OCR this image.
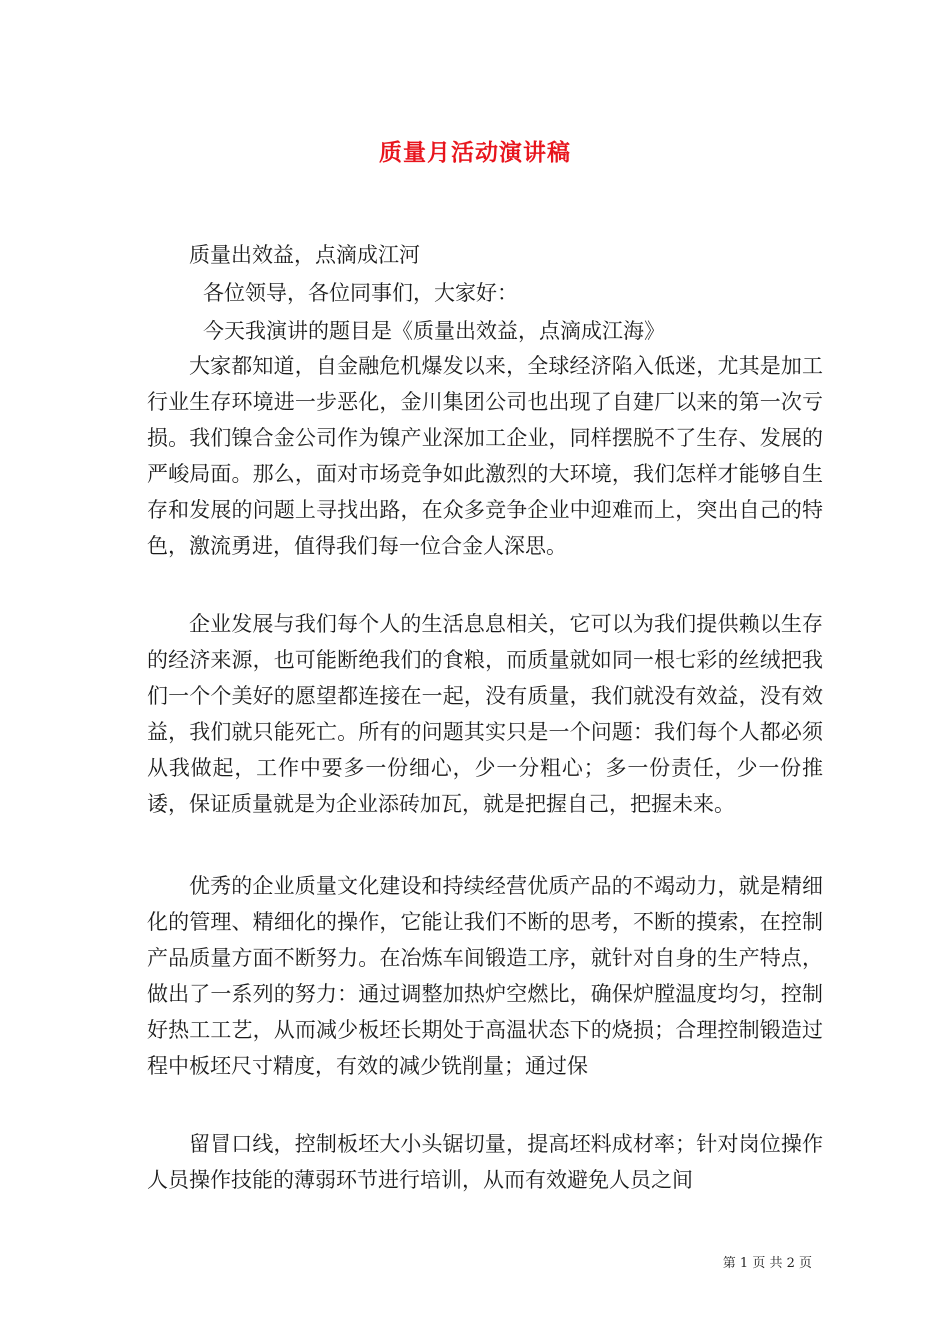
质量月活动演讲稿

质量出效益，点滴成江河

各位领导，各位同事们，大家好：

今天我演讲的题目是《质量出效益，点滴成江海》

大家都知道，自金融危机爆发以来，全球经济陷入低迷，尤其是加工行业生存环境进一步恶化，金川集团公司也出现了自建厂以来的第一次亏损。我们镍合金公司作为镍产业深加工企业，同样摆脱不了生存、发展的严峻局面。那么，面对市场竞争如此激烈的大环境，我们怎样才能够自生存和发展的问题上寻找出路，在众多竞争企业中迎难而上，突出自己的特色，激流勇进，值得我们每一位合金人深思。

企业发展与我们每个人的生活息息相关，它可以为我们提供赖以生存的经济来源，也可能断绝我们的食粮，而质量就如同一根七彩的丝绒把我们一个个美好的愿望都连接在一起，没有质量，我们就没有效益，没有效益，我们就只能死亡。所有的问题其实只是一个问题：我们每个人都必须从我做起，工作中要多一份细心，少一分粗心；多一份责任，少一份推诿，保证质量就是为企业添砖加瓦，就是把握自己，把握未来。

优秀的企业质量文化建设和持续经营优质产品的不竭动力，就是精细化的管理、精细化的操作，它能让我们不断的思考，不断的摸索，在控制产品质量方面不断努力。在冶炼车间锻造工序，就针对自身的生产特点，做出了一系列的努力：通过调整加热炉空燃比，确保炉膛温度均匀，控制好热工工艺，从而减少板坯长期处于高温状态下的烧损；合理控制锻造过程中板坯尺寸精度，有效的减少铣削量；通过保

留冒口线，控制板坯大小头锯切量，提高坯料成材率；针对岗位操作人员操作技能的薄弱环节进行培训，从而有效避免人员之间

第 1 页 共 2 页
